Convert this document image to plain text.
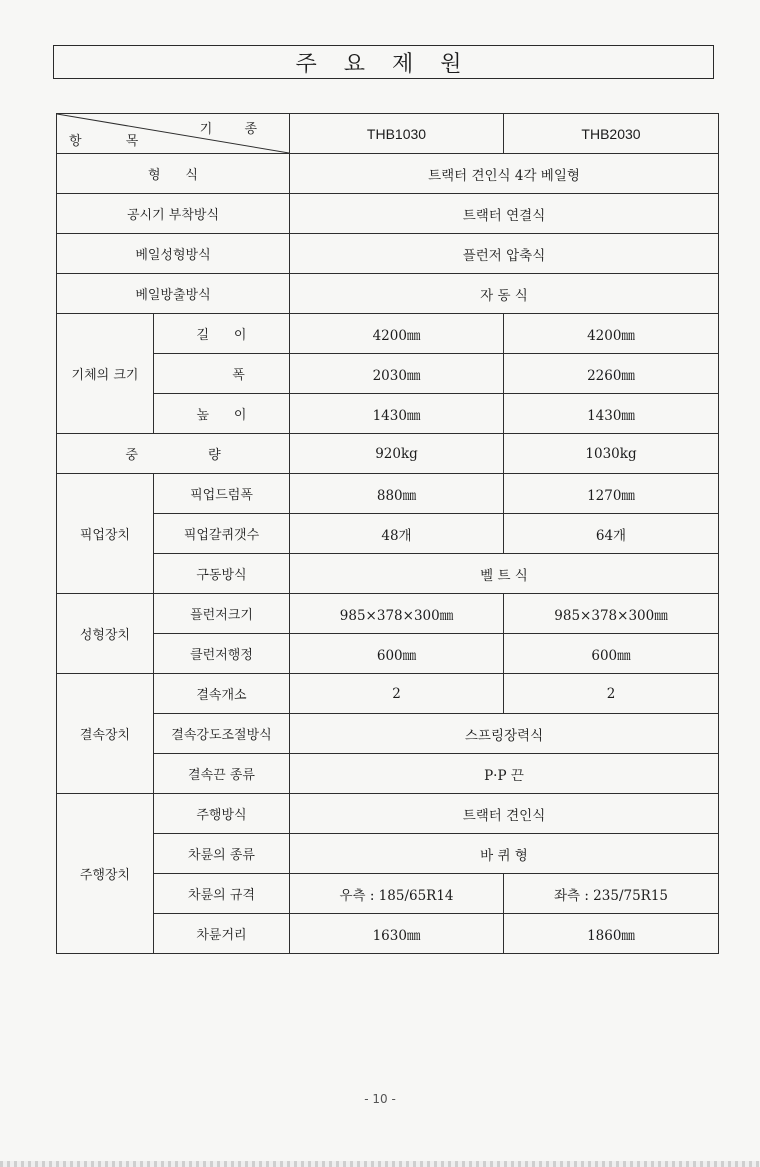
주 요 제 원
기 종
항 목		THB1030	THB2030
형      식		트랙터 견인식 4각 베일형	
공시기 부착방식		트랙터 연결식	
베일성형방식		플런저 압축식	
베일방출방식		자 동 식	
기체의 크기	길      이	4200㎜	4200㎜
	폭	2030㎜	2260㎜
	높      이	1430㎜	1430㎜
중                 량		920kg	1030kg
픽업장치	픽업드럼폭	880㎜	1270㎜
	픽업갈퀴갯수	48개	64개
	구동방식	벨 트 식	
성형장치	플런저크기	985×378×300㎜	985×378×300㎜
	클런저행정	600㎜	600㎜
결속장치	결속개소	2	2
	결속강도조절방식	스프링장력식	
	결속끈 종류	P·P 끈	
주행장치	주행방식	트랙터 견인식	
	차륜의 종류	바 퀴 형	
	차륜의 규격	우측 : 185/65R14	좌측 : 235/75R15
	차륜거리	1630㎜	1860㎜
- 10 -
